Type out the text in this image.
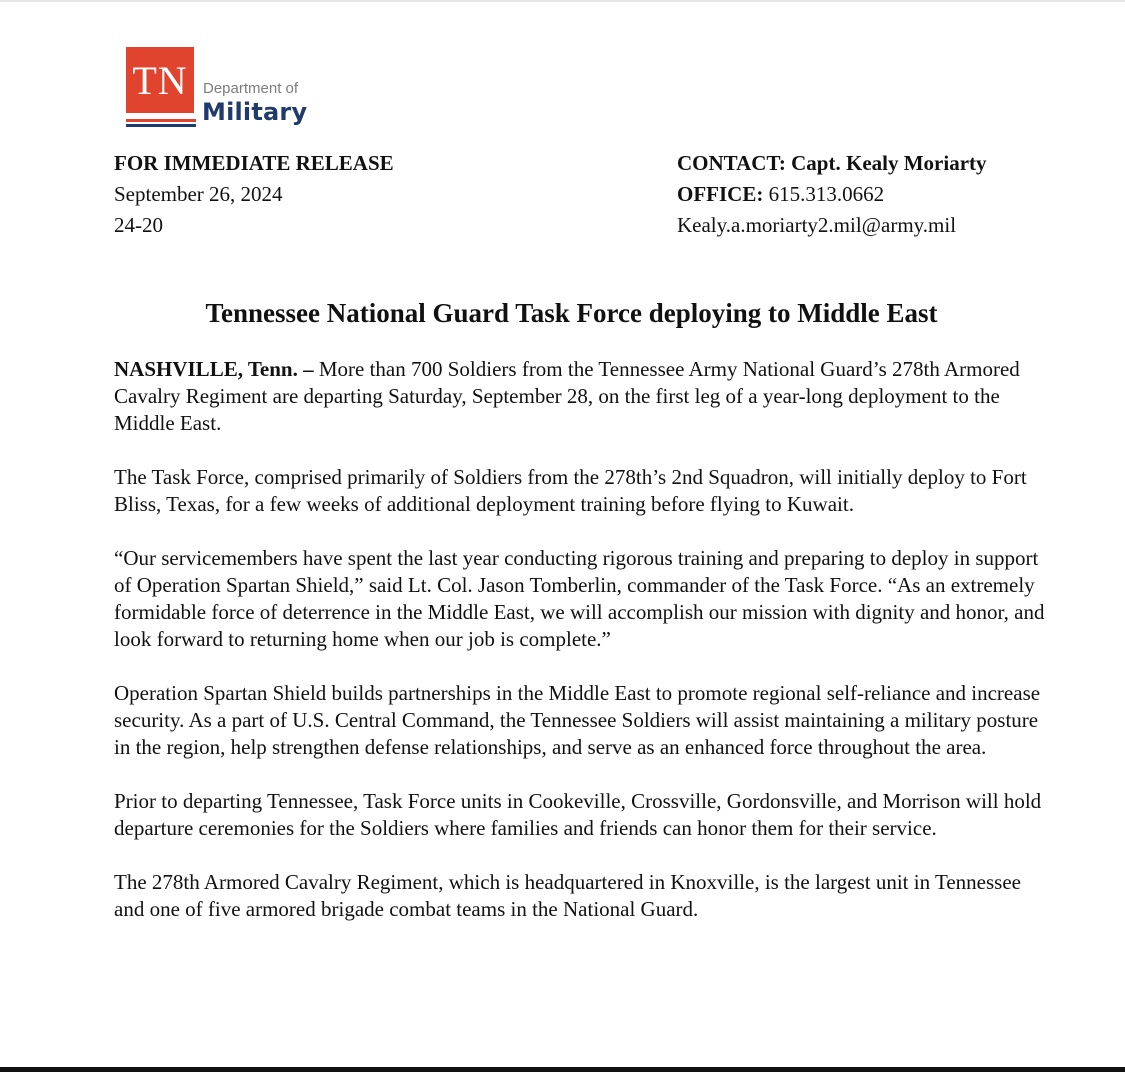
TN	Department of
Military
FOR IMMEDIATE RELEASE
September 26, 2024
24-20
CONTACT: Capt. Kealy Moriarty
OFFICE: 615.313.0662
Kealy.a.moriarty2.mil@army.mil
Tennessee National Guard Task Force deploying to Middle East

NASHVILLE, Tenn. – More than 700 Soldiers from the Tennessee Army National Guard’s 278th Armored Cavalry Regiment are departing Saturday, September 28, on the first leg of a year-long deployment to the Middle East.

The Task Force, comprised primarily of Soldiers from the 278th’s 2nd Squadron, will initially deploy to Fort Bliss, Texas, for a few weeks of additional deployment training before flying to Kuwait.

“Our servicemembers have spent the last year conducting rigorous training and preparing to deploy in support of Operation Spartan Shield,” said Lt. Col. Jason Tomberlin, commander of the Task Force. “As an extremely formidable force of deterrence in the Middle East, we will accomplish our mission with dignity and honor, and look forward to returning home when our job is complete.”

Operation Spartan Shield builds partnerships in the Middle East to promote regional self-reliance and increase security. As a part of U.S. Central Command, the Tennessee Soldiers will assist maintaining a military posture in the region, help strengthen defense relationships, and serve as an enhanced force throughout the area.

Prior to departing Tennessee, Task Force units in Cookeville, Crossville, Gordonsville, and Morrison will hold departure ceremonies for the Soldiers where families and friends can honor them for their service.

The 278th Armored Cavalry Regiment, which is headquartered in Knoxville, is the largest unit in Tennessee and one of five armored brigade combat teams in the National Guard.
